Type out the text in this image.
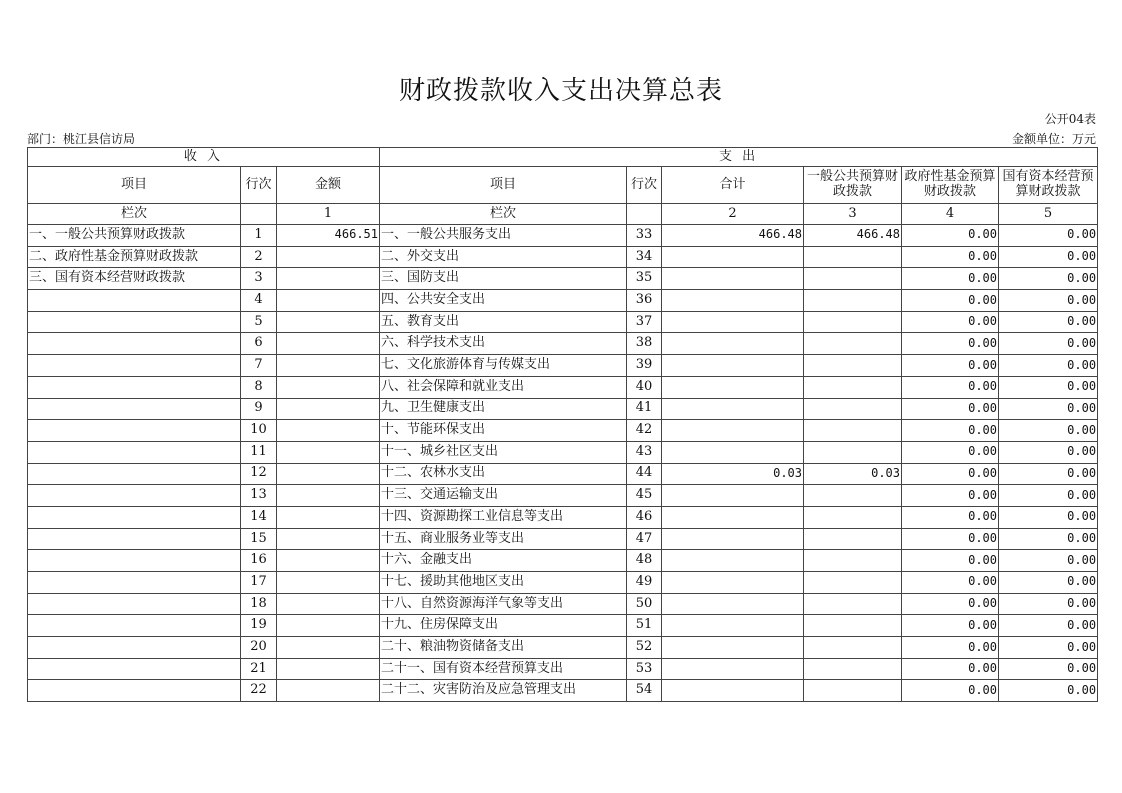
财政拨款收入支出决算总表
公开04表
部门：桃江县信访局	金额单位：万元
收 入			支 出					
项目	行次	金额	项目	行次	合计	一般公共预算财政拨款	政府性基金预算财政拨款	国有资本经营预算财政拨款
栏次		1	栏次		2	3	4	5
一、一般公共预算财政拨款	1	466.51	一、一般公共服务支出	33	466.48	466.48	0.00	0.00
二、政府性基金预算财政拨款	2		二、外交支出	34			0.00	0.00
三、国有资本经营财政拨款	3		三、国防支出	35			0.00	0.00
	4		四、公共安全支出	36			0.00	0.00
	5		五、教育支出	37			0.00	0.00
	6		六、科学技术支出	38			0.00	0.00
	7		七、文化旅游体育与传媒支出	39			0.00	0.00
	8		八、社会保障和就业支出	40			0.00	0.00
	9		九、卫生健康支出	41			0.00	0.00
	10		十、节能环保支出	42			0.00	0.00
	11		十一、城乡社区支出	43			0.00	0.00
	12		十二、农林水支出	44	0.03	0.03	0.00	0.00
	13		十三、交通运输支出	45			0.00	0.00
	14		十四、资源勘探工业信息等支出	46			0.00	0.00
	15		十五、商业服务业等支出	47			0.00	0.00
	16		十六、金融支出	48			0.00	0.00
	17		十七、援助其他地区支出	49			0.00	0.00
	18		十八、自然资源海洋气象等支出	50			0.00	0.00
	19		十九、住房保障支出	51			0.00	0.00
	20		二十、粮油物资储备支出	52			0.00	0.00
	21		二十一、国有资本经营预算支出	53			0.00	0.00
	22		二十二、灾害防治及应急管理支出	54			0.00	0.00
